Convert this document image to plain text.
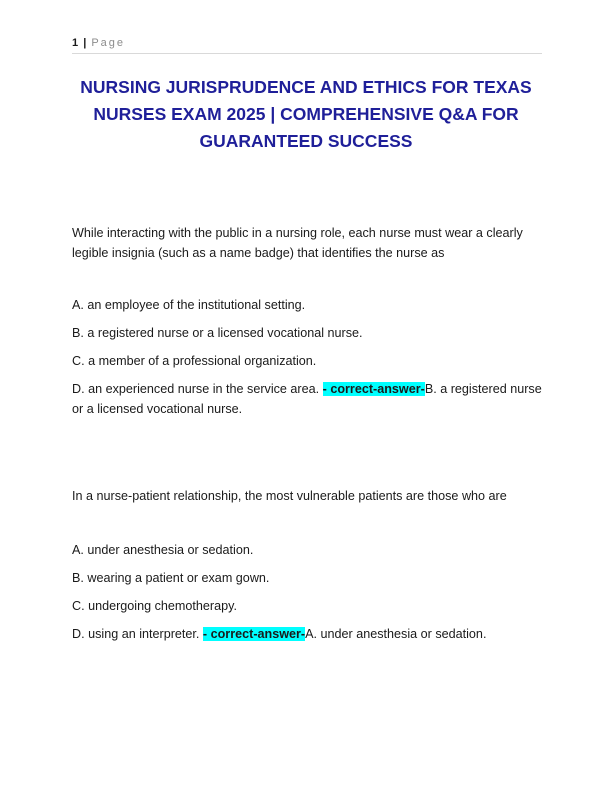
1 | Page
NURSING JURISPRUDENCE AND ETHICS FOR TEXAS NURSES EXAM 2025 | COMPREHENSIVE Q&A FOR GUARANTEED SUCCESS

While interacting with the public in a nursing role, each nurse must wear a clearly legible insignia (such as a name badge) that identifies the nurse as

A. an employee of the institutional setting.

B. a registered nurse or a licensed vocational nurse.

C. a member of a professional organization.

D. an experienced nurse in the service area. - correct-answer-B. a registered nurse or a licensed vocational nurse.

In a nurse-patient relationship, the most vulnerable patients are those who are

A. under anesthesia or sedation.

B. wearing a patient or exam gown.

C. undergoing chemotherapy.

D. using an interpreter. - correct-answer-A. under anesthesia or sedation.
